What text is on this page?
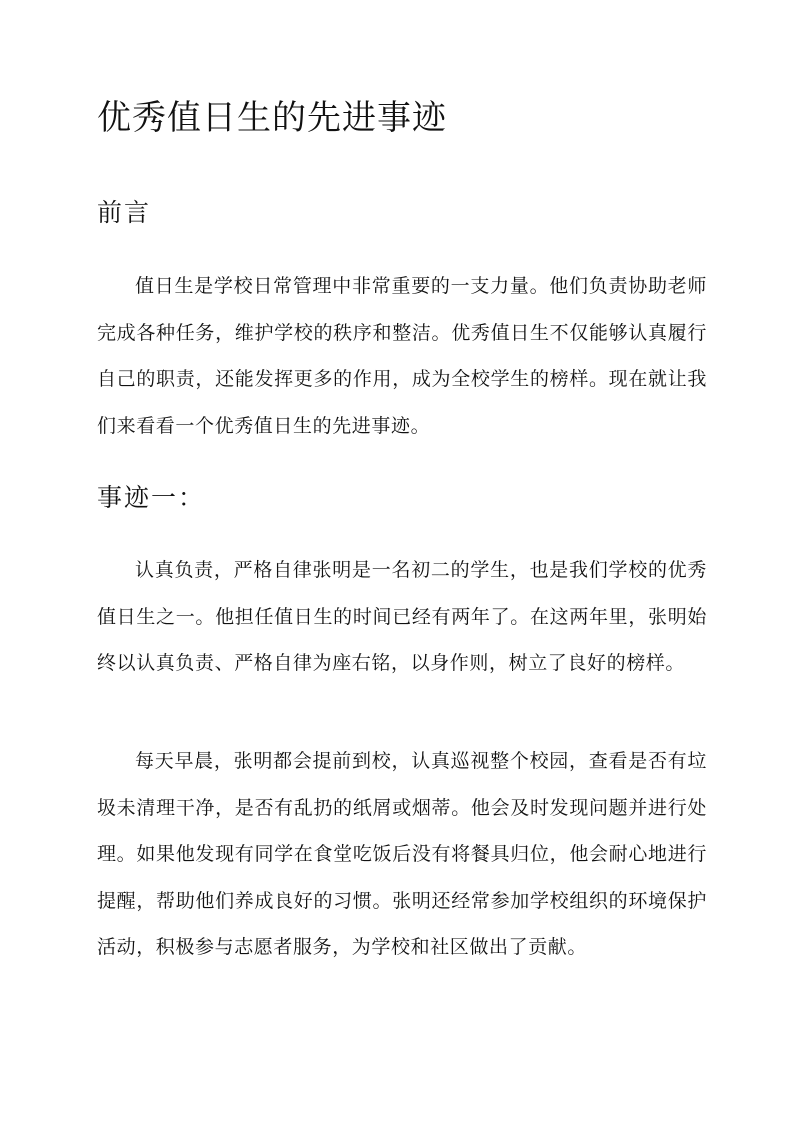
优秀值日生的先进事迹
前言

值日生是学校日常管理中非常重要的一支力量。他们负责协助老师完成各种任务，维护学校的秩序和整洁。优秀值日生不仅能够认真履行自己的职责，还能发挥更多的作用，成为全校学生的榜样。现在就让我们来看看一个优秀值日生的先进事迹。

事迹一：

认真负责，严格自律张明是一名初二的学生，也是我们学校的优秀值日生之一。他担任值日生的时间已经有两年了。在这两年里，张明始终以认真负责、严格自律为座右铭，以身作则，树立了良好的榜样。

每天早晨，张明都会提前到校，认真巡视整个校园，查看是否有垃圾未清理干净，是否有乱扔的纸屑或烟蒂。他会及时发现问题并进行处理。如果他发现有同学在食堂吃饭后没有将餐具归位，他会耐心地进行提醒，帮助他们养成良好的习惯。张明还经常参加学校组织的环境保护活动，积极参与志愿者服务，为学校和社区做出了贡献。
